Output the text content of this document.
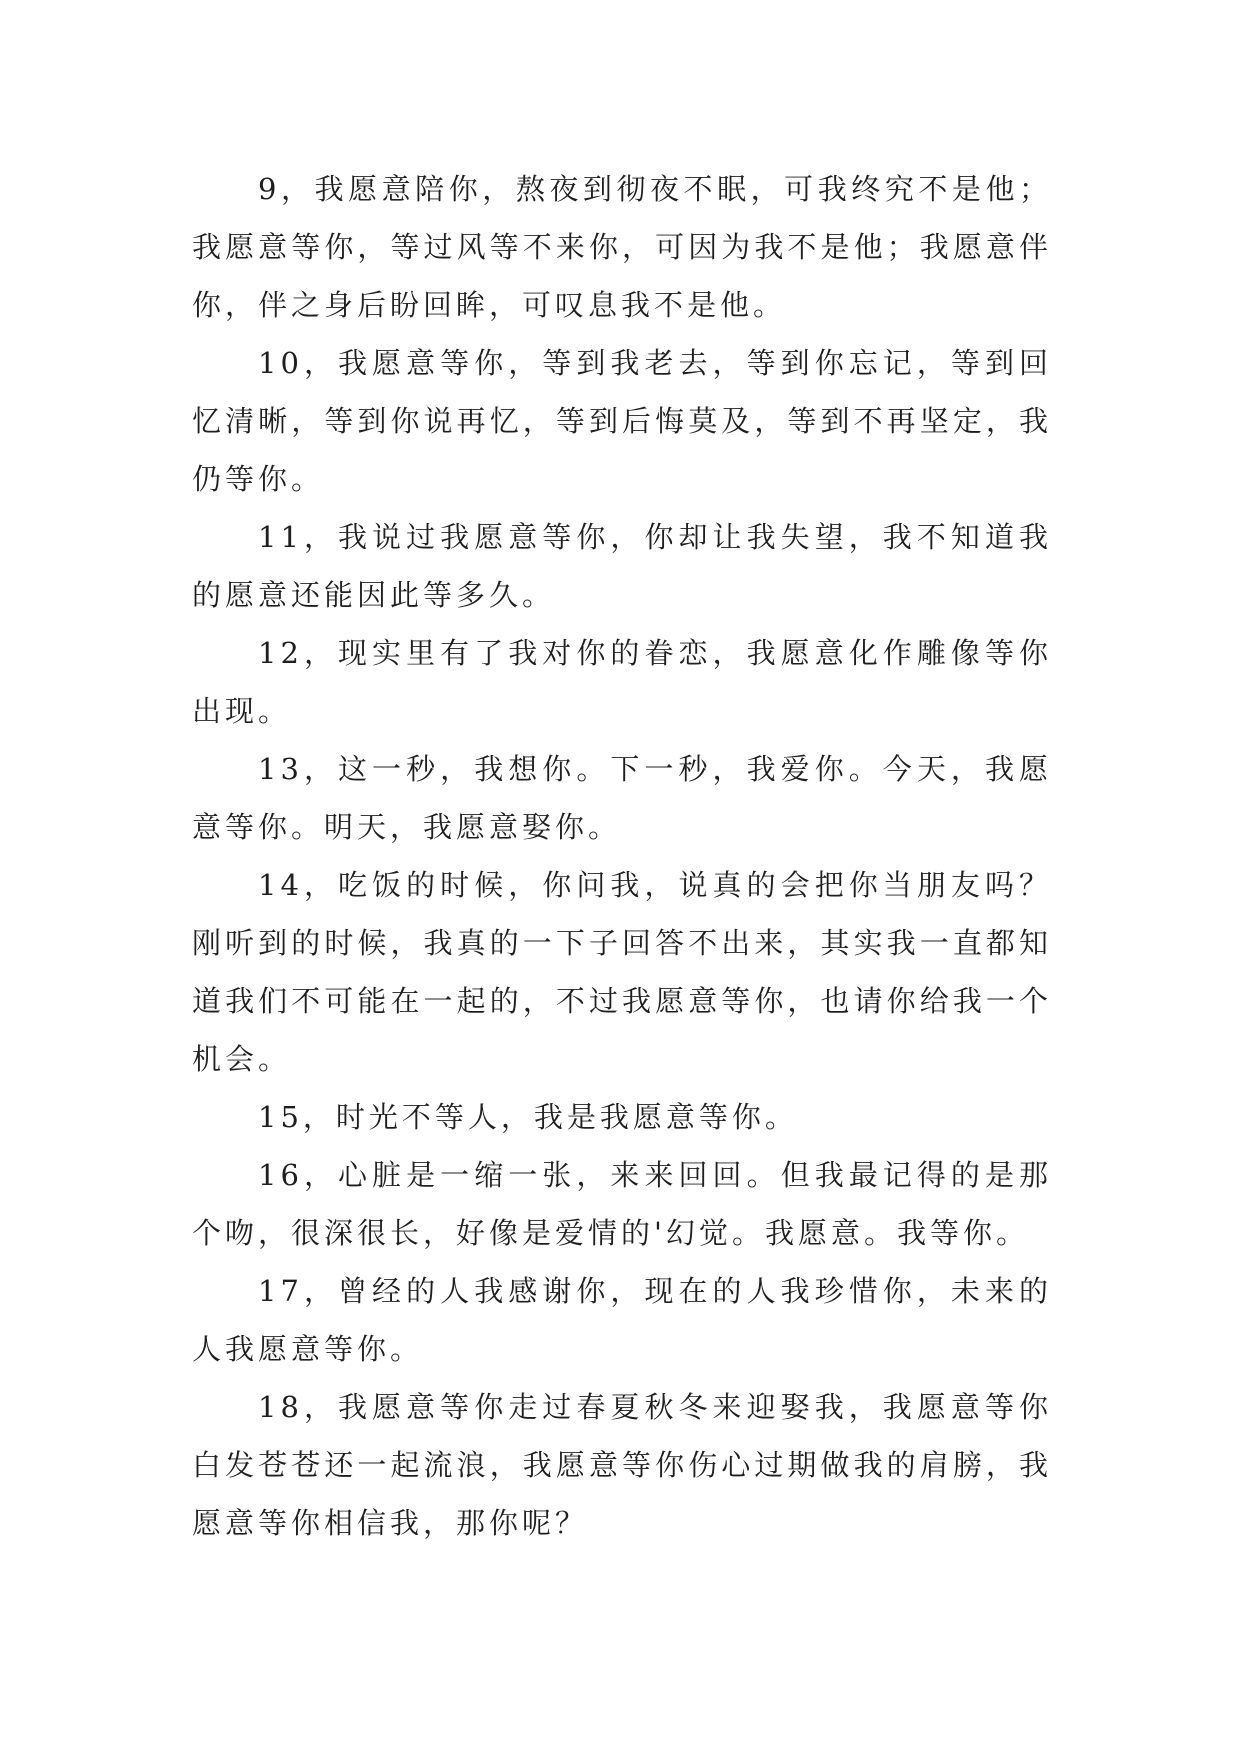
9，我愿意陪你，熬夜到彻夜不眠，可我终究不是他；我愿意等你，等过风等不来你，可因为我不是他；我愿意伴你，伴之身后盼回眸，可叹息我不是他。

10，我愿意等你，等到我老去，等到你忘记，等到回忆清晰，等到你说再忆，等到后悔莫及，等到不再坚定，我仍等你。

11，我说过我愿意等你，你却让我失望，我不知道我的愿意还能因此等多久。

12，现实里有了我对你的眷恋，我愿意化作雕像等你出现。

13，这一秒，我想你。下一秒，我爱你。今天，我愿意等你。明天，我愿意娶你。

14，吃饭的时候，你问我，说真的会把你当朋友吗？刚听到的时候，我真的一下子回答不出来，其实我一直都知道我们不可能在一起的，不过我愿意等你，也请你给我一个机会。

15，时光不等人，我是我愿意等你。

16，心脏是一缩一张，来来回回。但我最记得的是那个吻，很深很长，好像是爱情的'幻觉。我愿意。我等你。

17，曾经的人我感谢你，现在的人我珍惜你，未来的人我愿意等你。

18，我愿意等你走过春夏秋冬来迎娶我，我愿意等你白发苍苍还一起流浪，我愿意等你伤心过期做我的肩膀，我愿意等你相信我，那你呢？
